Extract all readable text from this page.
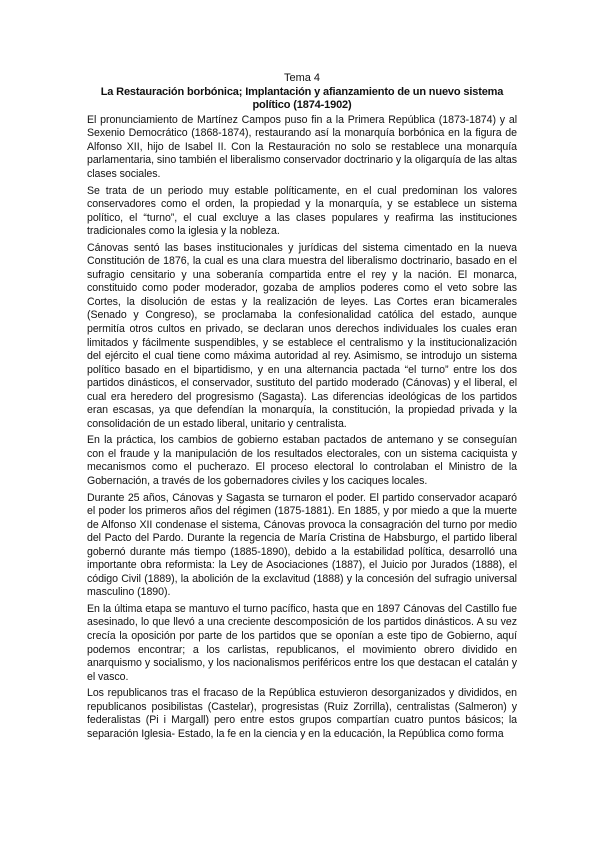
Tema 4

La Restauración borbónica; Implantación y afianzamiento de un nuevo sistema político (1874-1902)

El pronunciamiento de Martínez Campos puso fin a la Primera República (1873-1874) y al Sexenio Democrático (1868-1874), restaurando así la monarquía borbónica en la figura de Alfonso XII, hijo de Isabel II. Con la Restauración no solo se restablece una monarquía parlamentaria, sino también el liberalismo conservador doctrinario y la oligarquía de las altas clases sociales.

Se trata de un periodo muy estable políticamente, en el cual predominan los valores conservadores como el orden, la propiedad y la monarquía, y se establece un sistema político, el “turno”, el cual excluye a las clases populares y reafirma las instituciones tradicionales como la iglesia y la nobleza.

Cánovas sentó las bases institucionales y jurídicas del sistema cimentado en la nueva Constitución de 1876, la cual es una clara muestra del liberalismo doctrinario, basado en el sufragio censitario y una soberanía compartida entre el rey y la nación. El monarca, constituido como poder moderador, gozaba de amplios poderes como el veto sobre las Cortes, la disolución de estas y la realización de leyes. Las Cortes eran bicamerales (Senado y Congreso), se proclamaba la confesionalidad católica del estado, aunque permitía otros cultos en privado, se declaran unos derechos individuales los cuales eran limitados y fácilmente suspendibles, y se establece el centralismo y la institucionalización del ejército el cual tiene como máxima autoridad al rey. Asimismo, se introdujo un sistema político basado en el bipartidismo, y en una alternancia pactada “el turno” entre los dos partidos dinásticos, el conservador, sustituto del partido moderado (Cánovas) y el liberal, el cual era heredero del progresismo (Sagasta). Las diferencias ideológicas de los partidos eran escasas, ya que defendían la monarquía, la constitución, la propiedad privada y la consolidación de un estado liberal, unitario y centralista.

En la práctica, los cambios de gobierno estaban pactados de antemano y se conseguían con el fraude y la manipulación de los resultados electorales, con un sistema caciquista y mecanismos como el pucherazo. El proceso electoral lo controlaban el Ministro de la Gobernación, a través de los gobernadores civiles y los caciques locales.

Durante 25 años, Cánovas y Sagasta se turnaron el poder. El partido conservador acaparó el poder los primeros años del régimen (1875-1881). En 1885, y por miedo a que la muerte de Alfonso XII condenase el sistema, Cánovas provoca la consagración del turno por medio del Pacto del Pardo. Durante la regencia de María Cristina de Habsburgo, el partido liberal gobernó durante más tiempo (1885-1890), debido a la estabilidad política, desarrolló una importante obra reformista: la Ley de Asociaciones (1887), el Juicio por Jurados (1888), el código Civil (1889), la abolición de la exclavitud (1888) y la concesión del sufragio universal masculino (1890).

En la última etapa se mantuvo el turno pacífico, hasta que en 1897 Cánovas del Castillo fue asesinado, lo que llevó a una creciente descomposición de los partidos dinásticos. A su vez crecía la oposición por parte de los partidos que se oponían a este tipo de Gobierno, aquí podemos encontrar; a los carlistas, republicanos, el movimiento obrero dividido en anarquismo y socialismo, y los nacionalismos periféricos entre los que destacan el catalán y el vasco.

Los republicanos tras el fracaso de la República estuvieron desorganizados y divididos, en republicanos posibilistas (Castelar), progresistas (Ruiz Zorrilla), centralistas (Salmeron) y federalistas (Pi i Margall) pero entre estos grupos compartían cuatro puntos básicos; la separación Iglesia- Estado, la fe en la ciencia y en la educación, la República como forma
